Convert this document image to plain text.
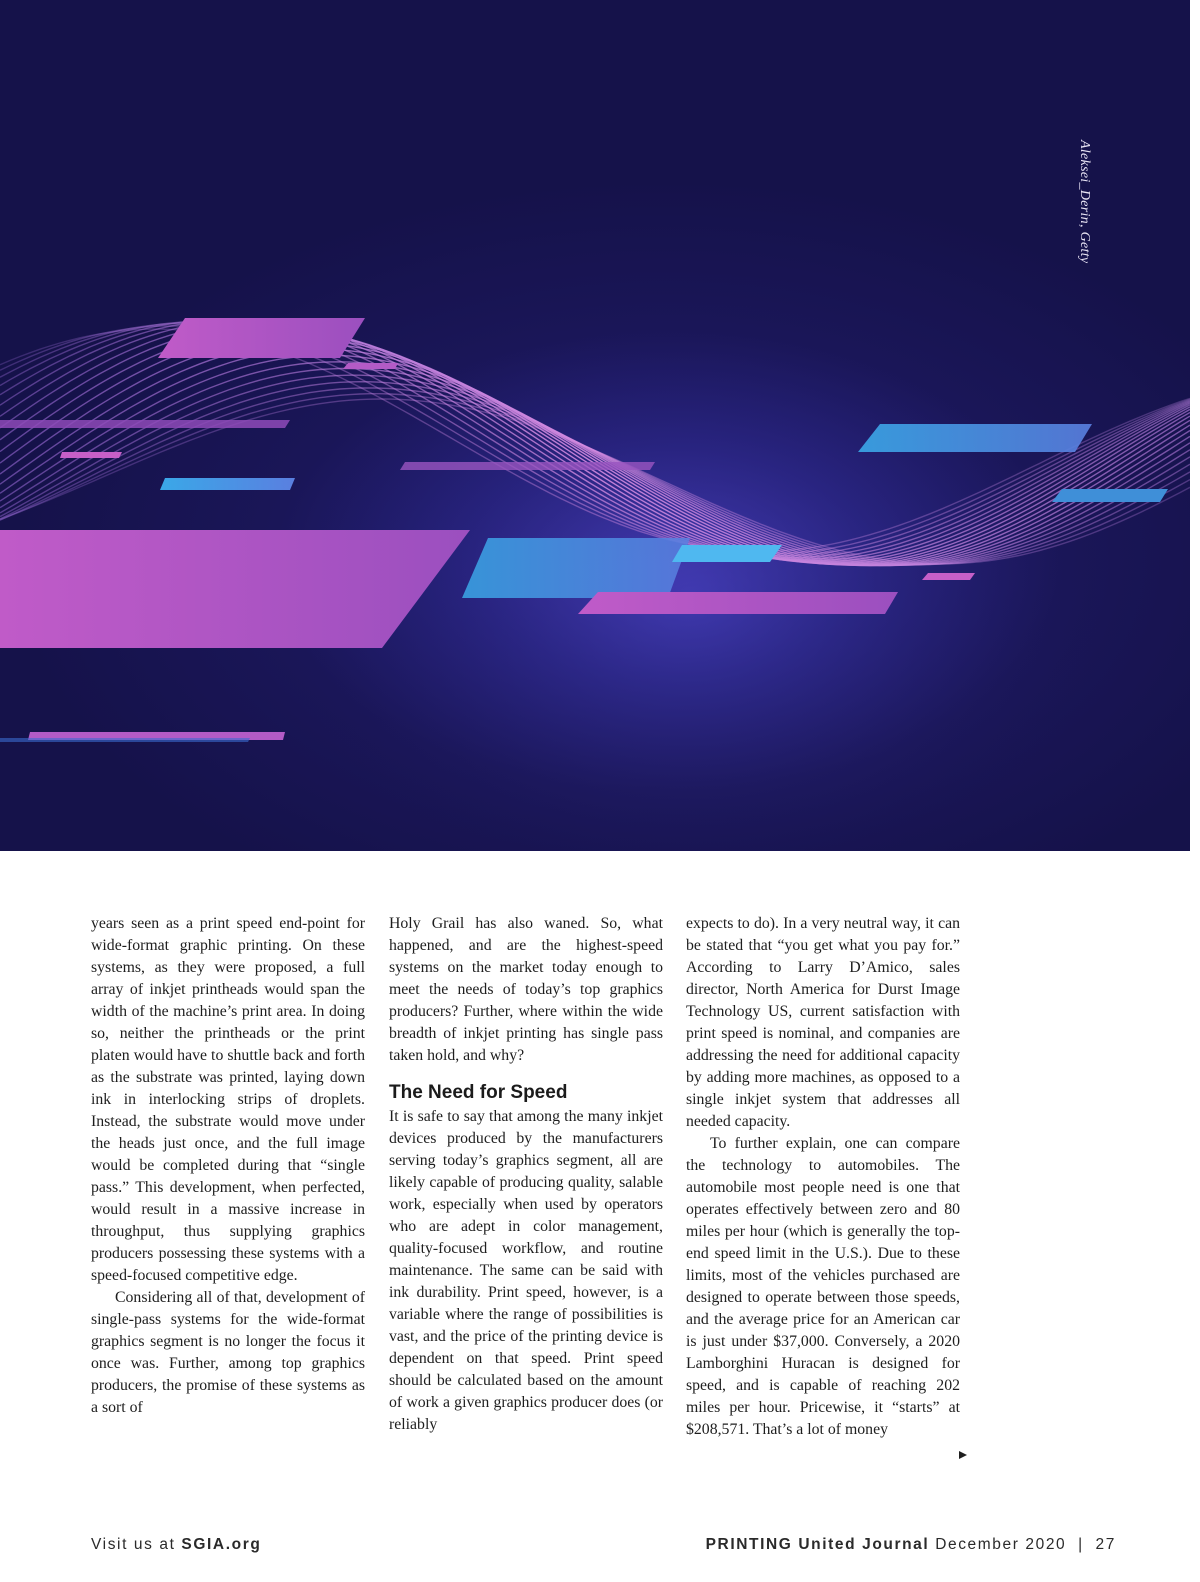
Aleksei_Derin, Getty

years seen as a print speed end-point for wide-format graphic printing. On these systems, as they were proposed, a full array of inkjet printheads would span the width of the machine’s print area. In doing so, neither the printheads or the print platen would have to shuttle back and forth as the substrate was printed, laying down ink in interlocking strips of droplets. Instead, the substrate would move under the heads just once, and the full image would be completed during that “single pass.” This development, when perfected, would result in a massive increase in throughput, thus supplying graphics producers possessing these systems with a speed-focused competitive edge.

Considering all of that, development of single-pass systems for the wide-format graphics segment is no longer the focus it once was. Further, among top graphics producers, the promise of these systems as a sort of

Holy Grail has also waned. So, what happened, and are the highest-speed systems on the market today enough to meet the needs of today’s top graphics producers? Further, where within the wide breadth of inkjet printing has single pass taken hold, and why?

The Need for Speed

It is safe to say that among the many inkjet devices produced by the manufacturers serving today’s graphics segment, all are likely capable of producing quality, salable work, especially when used by operators who are adept in color management, quality-focused workflow, and routine maintenance. The same can be said with ink durability. Print speed, however, is a variable where the range of possibilities is vast, and the price of the printing device is dependent on that speed. Print speed should be calculated based on the amount of work a given graphics producer does (or reliably

expects to do). In a very neutral way, it can be stated that “you get what you pay for.” According to Larry D’Amico, sales director, North America for Durst Image Technology US, current satisfaction with print speed is nominal, and companies are addressing the need for additional capacity by adding more machines, as opposed to a single inkjet system that addresses all needed capacity.

To further explain, one can compare the technology to automobiles. The automobile most people need is one that operates effectively between zero and 80 miles per hour (which is generally the top-end speed limit in the U.S.). Due to these limits, most of the vehicles purchased are designed to operate between those speeds, and the average price for an American car is just under $37,000. Conversely, a 2020 Lamborghini Huracan is designed for speed, and is capable of reaching 202 miles per hour. Pricewise, it “starts” at $208,571. That’s a lot of money

Visit us at SGIA.org	PRINTING United Journal December 2020  |  27
